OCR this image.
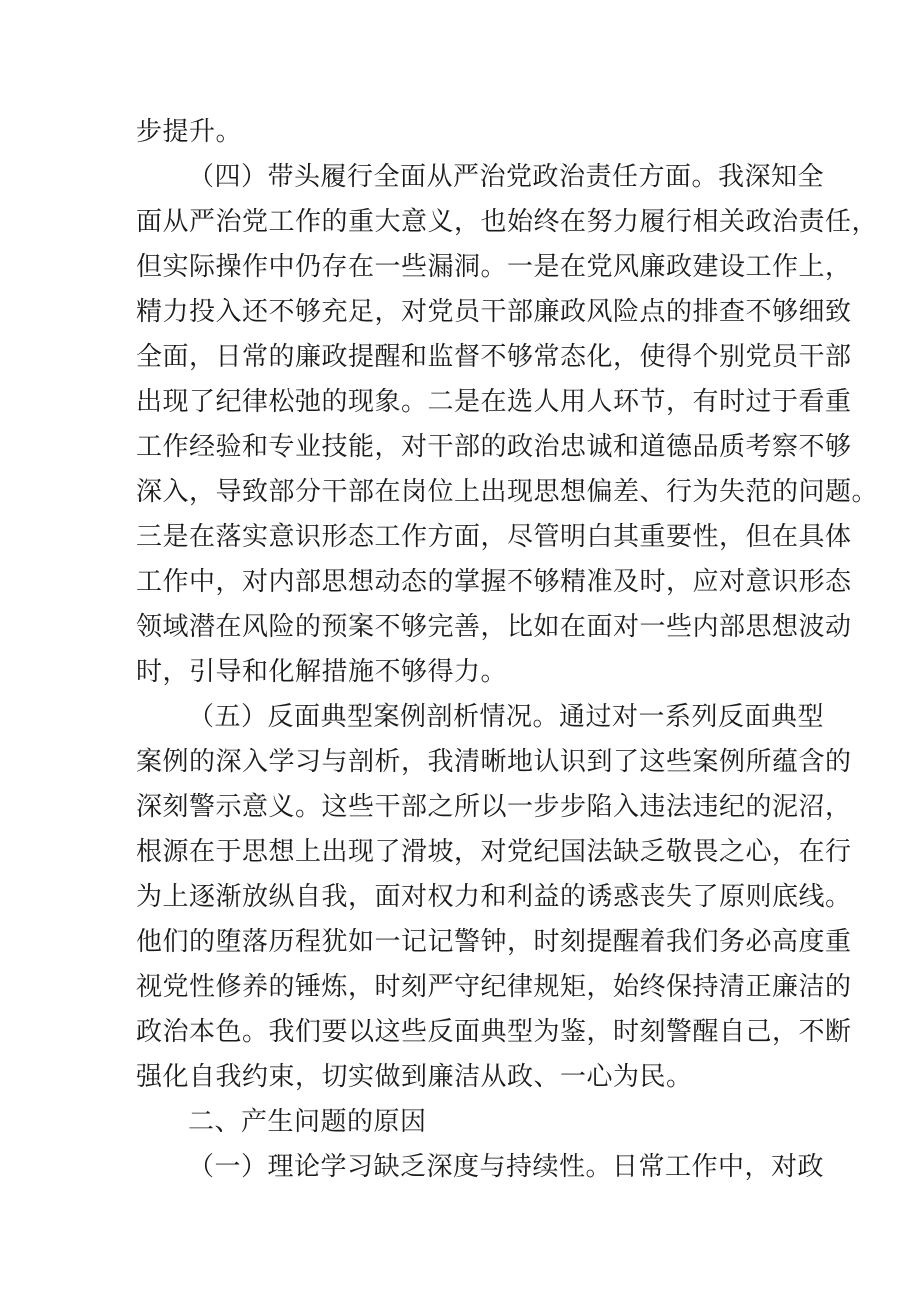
步提升。
（四）带头履行全面从严治党政治责任方面。我深知全
面从严治党工作的重大意义，也始终在努力履行相关政治责任，
但实际操作中仍存在一些漏洞。一是在党风廉政建设工作上，
精力投入还不够充足，对党员干部廉政风险点的排查不够细致
全面，日常的廉政提醒和监督不够常态化，使得个别党员干部
出现了纪律松弛的现象。二是在选人用人环节，有时过于看重
工作经验和专业技能，对干部的政治忠诚和道德品质考察不够
深入，导致部分干部在岗位上出现思想偏差、行为失范的问题。
三是在落实意识形态工作方面，尽管明白其重要性，但在具体
工作中，对内部思想动态的掌握不够精准及时，应对意识形态
领域潜在风险的预案不够完善，比如在面对一些内部思想波动
时，引导和化解措施不够得力。
（五）反面典型案例剖析情况。通过对一系列反面典型
案例的深入学习与剖析，我清晰地认识到了这些案例所蕴含的
深刻警示意义。这些干部之所以一步步陷入违法违纪的泥沼，
根源在于思想上出现了滑坡，对党纪国法缺乏敬畏之心，在行
为上逐渐放纵自我，面对权力和利益的诱惑丧失了原则底线。
他们的堕落历程犹如一记记警钟，时刻提醒着我们务必高度重
视党性修养的锤炼，时刻严守纪律规矩，始终保持清正廉洁的
政治本色。我们要以这些反面典型为鉴，时刻警醒自己，不断
强化自我约束，切实做到廉洁从政、一心为民。
二、产生问题的原因
（一）理论学习缺乏深度与持续性。日常工作中，对政
